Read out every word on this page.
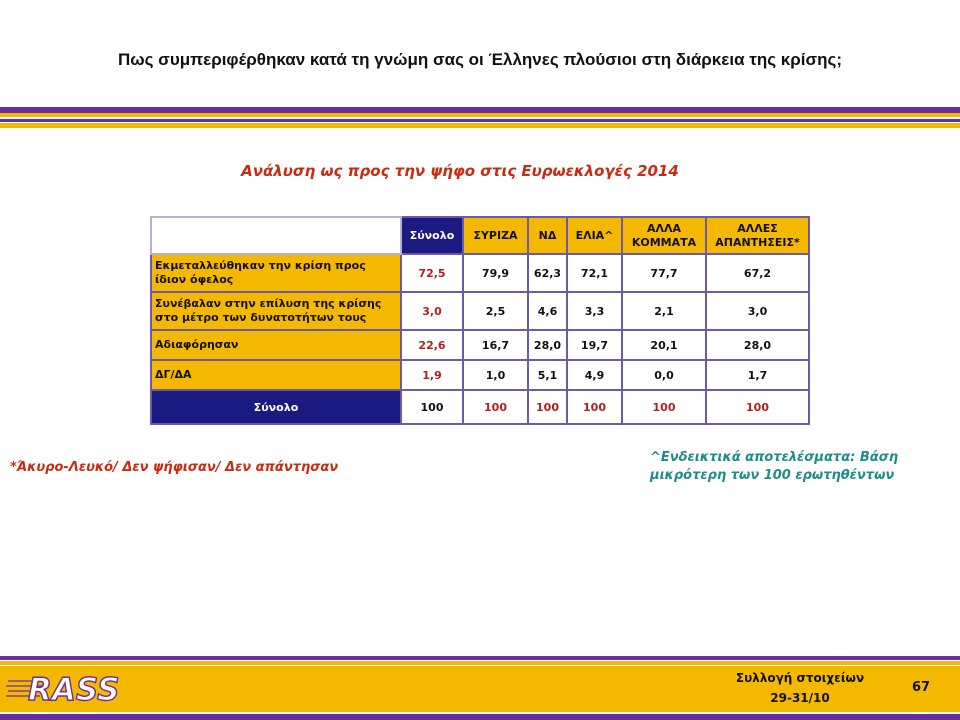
Πως συμπεριφέρθηκαν κατά τη γνώμη σας οι Έλληνες πλούσιοι στη διάρκεια της κρίσης;
Ανάλυση ως προς την ψήφο στις Ευρωεκλογές 2014
	Σύνολο	ΣΥΡΙΖΑ	ΝΔ	ΕΛΙΑ^	ΑΛΛΑ ΚΟΜΜΑΤΑ	ΑΛΛΕΣ ΑΠΑΝΤΗΣΕΙΣ*
Εκμεταλλεύθηκαν την κρίση προς ίδιον όφελος	72,5	79,9	62,3	72,1	77,7	67,2
Συνέβαλαν στην επίλυση της κρίσης στο μέτρο των δυνατοτήτων τους	3,0	2,5	4,6	3,3	2,1	3,0
Αδιαφόρησαν	22,6	16,7	28,0	19,7	20,1	28,0
ΔΓ/ΔΑ	1,9	1,0	5,1	4,9	0,0	1,7
Σύνολο	100	100	100	100	100	100
*Άκυρο-Λευκό/ Δεν ψήφισαν/ Δεν απάντησαν
^Ενδεικτικά αποτελέσματα: Βάση
μικρότερη των 100 ερωτηθέντων
RASS	Συλλογή στοιχείων
29-31/10
67
